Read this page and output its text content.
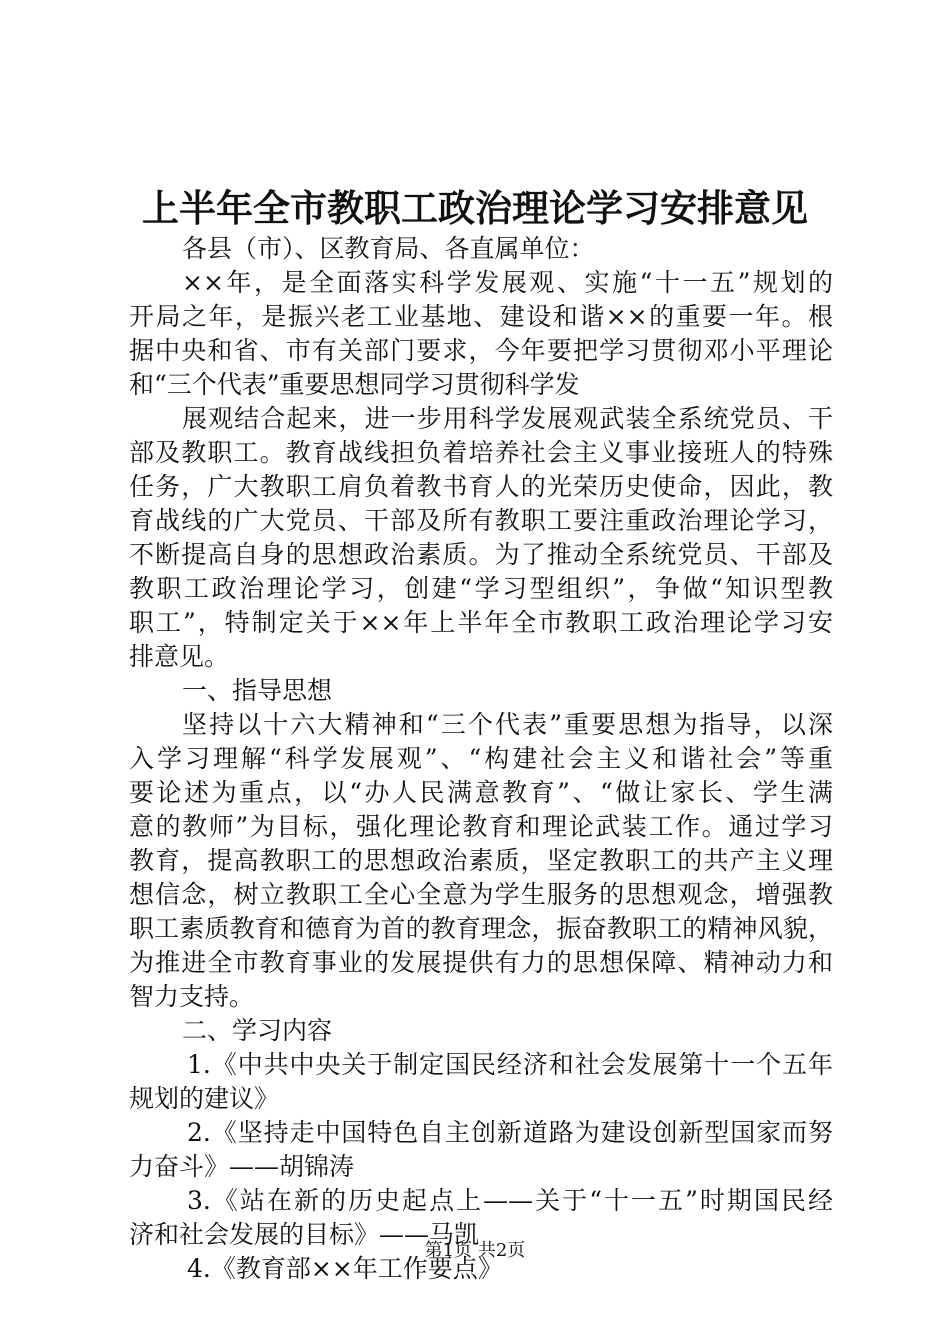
上半年全市教职工政治理论学习安排意见
各县（市）、区教育局、各直属单位：
××年，是全面落实科学发展观、实施“十一五”规划的
开局之年，是振兴老工业基地、建设和谐××的重要一年。根
据中央和省、市有关部门要求，今年要把学习贯彻邓小平理论
和“三个代表”重要思想同学习贯彻科学发
展观结合起来，进一步用科学发展观武装全系统党员、干
部及教职工。教育战线担负着培养社会主义事业接班人的特殊
任务，广大教职工肩负着教书育人的光荣历史使命，因此，教
育战线的广大党员、干部及所有教职工要注重政治理论学习，
不断提高自身的思想政治素质。为了推动全系统党员、干部及
教职工政治理论学习，创建“学习型组织”，争做“知识型教
职工”，特制定关于××年上半年全市教职工政治理论学习安
排意见。
一、指导思想
坚持以十六大精神和“三个代表”重要思想为指导，以深
入学习理解“科学发展观”、“构建社会主义和谐社会”等重
要论述为重点，以“办人民满意教育”、“做让家长、学生满
意的教师”为目标，强化理论教育和理论武装工作。通过学习
教育，提高教职工的思想政治素质，坚定教职工的共产主义理
想信念，树立教职工全心全意为学生服务的思想观念，增强教
职工素质教育和德育为首的教育理念，振奋教职工的精神风貌，
为推进全市教育事业的发展提供有力的思想保障、精神动力和
智力支持。
二、学习内容
1.《中共中央关于制定国民经济和社会发展第十一个五年
规划的建议》
2.《坚持走中国特色自主创新道路为建设创新型国家而努
力奋斗》——胡锦涛
3.《站在新的历史起点上——关于“十一五”时期国民经
济和社会发展的目标》——马凯
4.《教育部××年工作要点》
第1页 共2页
